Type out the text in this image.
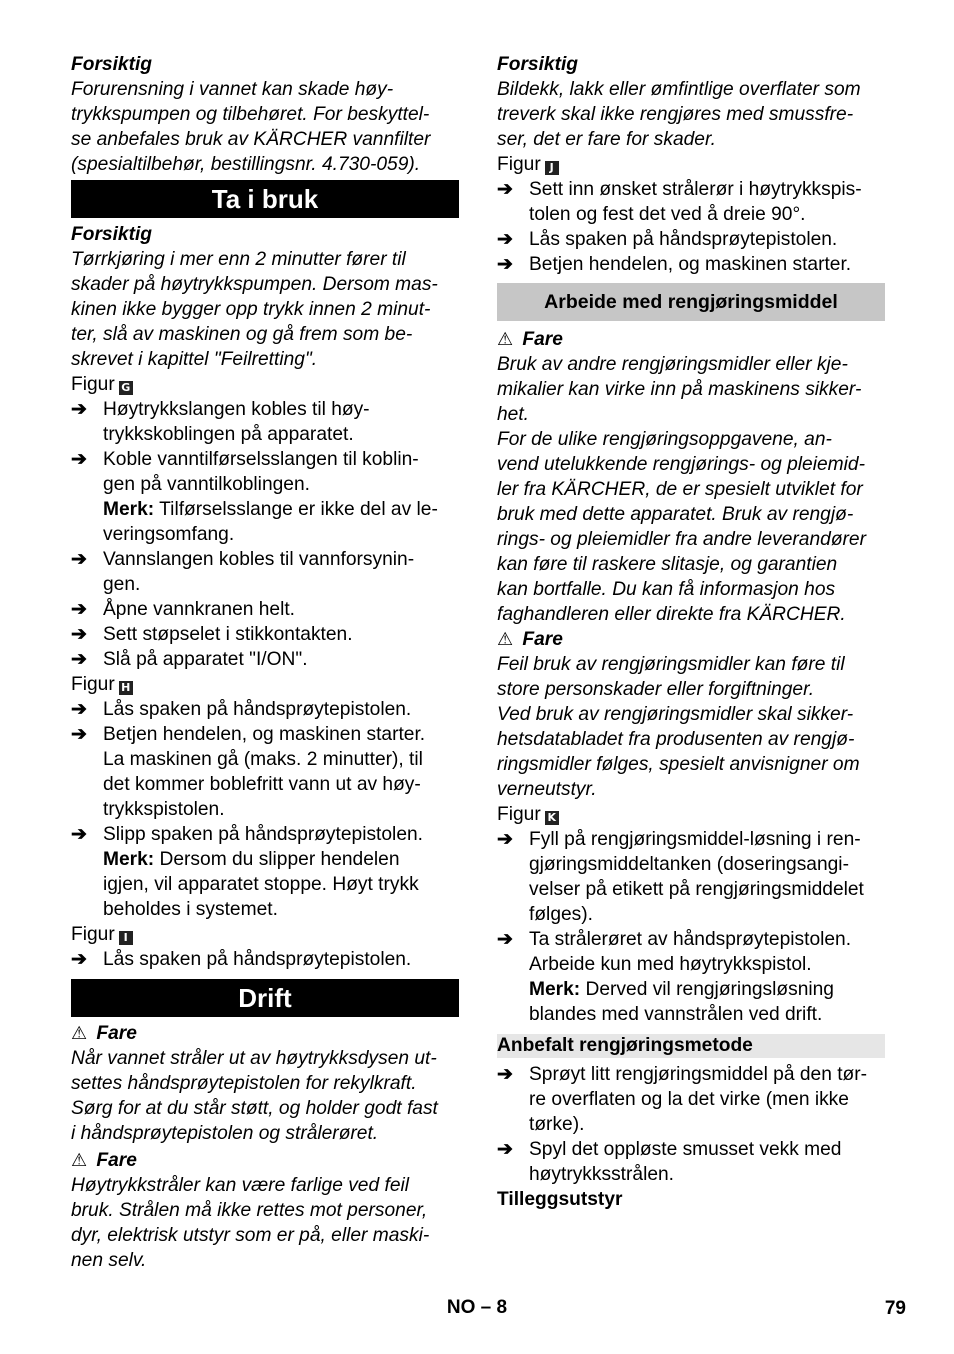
Forsiktig
Forurensning i vannet kan skade høy-
trykkspumpen og tilbehøret. For beskyttel-
se anbefales bruk av KÄRCHER vannfilter
(spesialtilbehør, bestillingsnr. 4.730-059).
Ta i bruk
Forsiktig
Tørrkjøring i mer enn 2 minutter fører til
skader på høytrykkspumpen. Dersom mas-
kinen ikke bygger opp trykk innen 2 minut-
ter, slå av maskinen og gå frem som be-
skrevet i kapittel "Feilretting".
Figur G
➔ Høytrykkslangen kobles til høy-
trykkskoblingen på apparatet.
➔ Koble vanntilførselsslangen til koblin-
gen på vanntilkoblingen.
Merk: Tilførselsslange er ikke del av le-
veringsomfang.
➔ Vannslangen kobles til vannforsynin-
gen.
➔ Åpne vannkranen helt.
➔ Sett støpselet i stikkontakten.
➔ Slå på apparatet "I/ON".
Figur H
➔ Lås spaken på håndsprøytepistolen.
➔ Betjen hendelen, og maskinen starter.
La maskinen gå (maks. 2 minutter), til
det kommer boblefritt vann ut av høy-
trykkspistolen.
➔ Slipp spaken på håndsprøytepistolen.
Merk: Dersom du slipper hendelen
igjen, vil apparatet stoppe. Høyt trykk
beholdes i systemet.
Figur I
➔ Lås spaken på håndsprøytepistolen.
Drift
⚠ Fare
Når vannet stråler ut av høytrykksdysen ut-
settes håndsprøytepistolen for rekylkraft.
Sørg for at du står støtt, og holder godt fast
i håndsprøytepistolen og strålerøret.
⚠ Fare
Høytrykkstråler kan være farlige ved feil
bruk. Strålen må ikke rettes mot personer,
dyr, elektrisk utstyr som er på, eller maski-
nen selv.
Forsiktig
Bildekk, lakk eller ømfintlige overflater som
treverk skal ikke rengjøres med smussfre-
ser, det er fare for skader.
Figur J
➔ Sett inn ønsket strålerør i høytrykkspis-
tolen og fest det ved å dreie 90°.
➔ Lås spaken på håndsprøytepistolen.
➔ Betjen hendelen, og maskinen starter.
Arbeide med rengjøringsmiddel
⚠ Fare
Bruk av andre rengjøringsmidler eller kje-
mikalier kan virke inn på maskinens sikker-
het.
For de ulike rengjøringsoppgavene, an-
vend utelukkende rengjørings- og pleiemid-
ler fra KÄRCHER, de er spesielt utviklet for
bruk med dette apparatet. Bruk av rengjø-
rings- og pleiemidler fra andre leverandører
kan føre til raskere slitasje, og garantien
kan bortfalle. Du kan få informasjon hos
faghandleren eller direkte fra KÄRCHER.
⚠ Fare
Feil bruk av rengjøringsmidler kan føre til
store personskader eller forgiftninger.
Ved bruk av rengjøringsmidler skal sikker-
hetsdatabladet fra produsenten av rengjø-
ringsmidler følges, spesielt anvisnigner om
verneutstyr.
Figur K
➔ Fyll på rengjøringsmiddel-løsning i ren-
gjøringsmiddeltanken (doseringsangi-
velser på etikett på rengjøringsmiddelet
følges).
➔ Ta strålerøret av håndsprøytepistolen.
Arbeide kun med høytrykkspistol.
Merk: Derved vil rengjøringsløsning
blandes med vannstrålen ved drift.
Anbefalt rengjøringsmetode
➔ Sprøyt litt rengjøringsmiddel på den tør-
re overflaten og la det virke (men ikke
tørke).
➔ Spyl det oppløste smusset vekk med
høytrykksstrålen.
Tilleggsutstyr
NO – 8	79
